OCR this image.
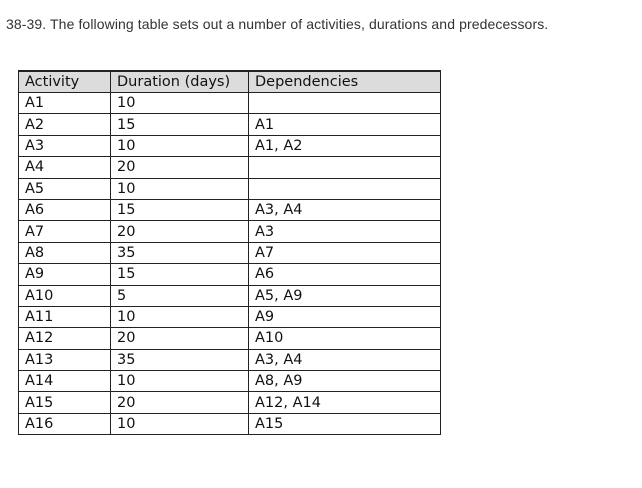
38-39. The following table sets out a number of activities, durations and predecessors.
Activity	Duration (days)	Dependencies
A1	10	
A2	15	A1
A3	10	A1, A2
A4	20	
A5	10	
A6	15	A3, A4
A7	20	A3
A8	35	A7
A9	15	A6
A10	5	A5, A9
A11	10	A9
A12	20	A10
A13	35	A3, A4
A14	10	A8, A9
A15	20	A12, A14
A16	10	A15
